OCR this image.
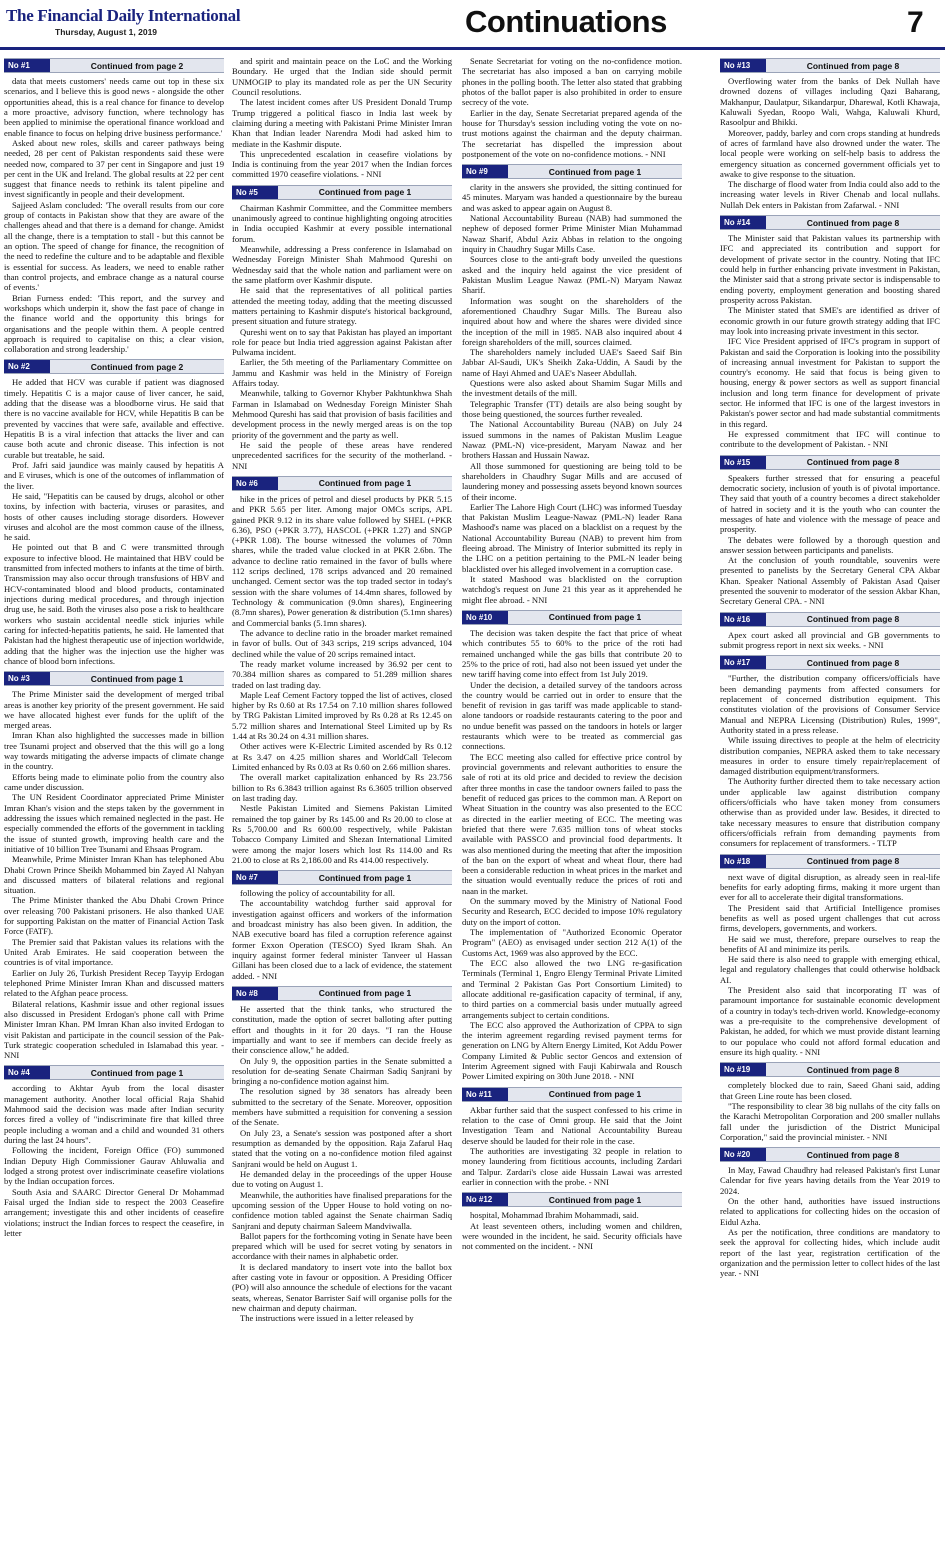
The Financial Daily International
Thursday, August 1, 2019	Continuations	7
No #1	Continued from page 2

data that meets customers' needs came out top in these six scenarios, and I believe this is good news - alongside the other opportunities ahead, this is a real chance for finance to develop a more proactive, advisory function, where technology has been applied to minimise the operational finance workload and enable finance to focus on helping drive business performance.'

Asked about new roles, skills and career pathways being needed, 28 per cent of Pakistan respondents said these were needed now, compared to 37 per cent in Singapore and just 19 per cent in the UK and Ireland. The global results at 22 per cent suggest that finance needs to rethink its talent pipeline and invest significantly in people and their development.

Sajjeed Aslam concluded: 'The overall results from our core group of contacts in Pakistan show that they are aware of the challenges ahead and that there is a demand for change. Amidst all the change, there is a temptation to stall - but this cannot be an option. The speed of change for finance, the recognition of the need to redefine the culture and to be adaptable and flexible is essential for success. As leaders, we need to enable rather than control projects, and embrace change as a natural course of events.'

Brian Furness ended: 'This report, and the survey and workshops which underpin it, show the fast pace of change in the finance world and the opportunity this brings for organisations and the people within them. A people centred approach is required to capitalise on this; a clear vision, collaboration and strong leadership.'

No #2	Continued from page 2

He added that HCV was curable if patient was diagnosed timely. Hepatitis C is a major cause of liver cancer, he said, adding that the disease was a bloodborne virus. He said that there is no vaccine available for HCV, while Hepatitis B can be prevented by vaccines that were safe, available and effective. Hepatitis B is a viral infection that attacks the liver and can cause both acute and chronic disease. This infection is not curable but treatable, he said.

Prof. Jafri said jaundice was mainly caused by hepatitis A and E viruses, which is one of the outcomes of inflammation of the liver.

He said, "Hepatitis can be caused by drugs, alcohol or other toxins, by infection with bacteria, viruses or parasites, and hosts of other causes including storage disorders. However viruses and alcohol are the most common cause of the illness, he said.

He pointed out that B and C were transmitted through exposure to infective blood. He maintained that HBV could be transmitted from infected mothers to infants at the time of birth. Transmission may also occur through transfusions of HBV and HCV-contaminated blood and blood products, contaminated injections during medical procedures, and through injection drug use, he said. Both the viruses also pose a risk to healthcare workers who sustain accidental needle stick injuries while caring for infected-hepatitis patients, he said. He lamented that Pakistan had the highest therapeutic use of injection worldwide, adding that the higher was the injection use the higher was chance of blood born infections.

No #3	Continued from page 1

The Prime Minister said the development of merged tribal areas is another key priority of the present government. He said we have allocated highest ever funds for the uplift of the merged areas.

Imran Khan also highlighted the successes made in billion tree Tsunami project and observed that the this will go a long way towards mitigating the adverse impacts of climate change in the country.

Efforts being made to eliminate polio from the country also came under discussion.

The UN Resident Coordinator appreciated Prime Minister Imran Khan's vision and the steps taken by the government in addressing the issues which remained neglected in the past. He especially commended the efforts of the government in tackling the issue of stunted growth, improving health care and the initiative of 10 billion Tree Tsunami and Ehsaas Program.

Meanwhile, Prime Minister Imran Khan has telephoned Abu Dhabi Crown Prince Sheikh Mohammed bin Zayed Al Nahyan and discussed matters of bilateral relations and regional situation.

The Prime Minister thanked the Abu Dhabi Crown Prince over releasing 700 Pakistani prisoners. He also thanked UAE for supporting Pakistan on the matter of Financial Action Task Force (FATF).

The Premier said that Pakistan values its relations with the United Arab Emirates. He said cooperation between the countries is of vital importance.

Earlier on July 26, Turkish President Recep Tayyip Erdogan telephoned Prime Minister Imran Khan and discussed matters related to the Afghan peace process.

Bilateral relations, Kashmir issue and other regional issues also discussed in President Erdogan's phone call with Prime Minister Imran Khan. PM Imran Khan also invited Erdogan to visit Pakistan and participate in the council session of the Pak-Turk strategic cooperation scheduled in Islamabad this year. - NNI

No #4	Continued from page 1

according to Akhtar Ayub from the local disaster management authority. Another local official Raja Shahid Mahmood said the decision was made after Indian security forces fired a volley of "indiscriminate fire that killed three people including a woman and a child and wounded 31 others during the last 24 hours".

Following the incident, Foreign Office (FO) summoned Indian Deputy High Commissioner Gaurav Ahluwalia and lodged a strong protest over indiscriminate ceasefire violations by the Indian occupation forces.

South Asia and SAARC Director General Dr Mohammad Faisal urged the Indian side to respect the 2003 Ceasefire arrangement; investigate this and other incidents of ceasefire violations; instruct the Indian forces to respect the ceasefire, in letter

and spirit and maintain peace on the LoC and the Working Boundary. He urged that the Indian side should permit UNMOGIP to play its mandated role as per the UN Security Council resolutions.

The latest incident comes after US President Donald Trump Trump triggered a political fiasco in India last week by claiming during a meeting with Pakistani Prime Minister Imran Khan that Indian leader Narendra Modi had asked him to mediate in the Kashmir dispute.

This unprecedented escalation in ceasefire violations by India is continuing from the year 2017 when the Indian forces committed 1970 ceasefire violations. - NNI

No #5	Continued from page 1

Chairman Kashmir Committee, and the Committee members unanimously agreed to continue highlighting ongoing atrocities in India occupied Kashmir at every possible international forum.

Meanwhile, addressing a Press conference in Islamabad on Wednesday Foreign Minister Shah Mahmood Qureshi on Wednesday said that the whole nation and parliament were on the same platform over Kashmir dispute.

He said that the representatives of all political parties attended the meeting today, adding that the meeting discussed matters pertaining to Kashmir dispute's historical background, present situation and future strategy.

Qureshi went on to say that Pakistan has played an important role for peace but India tried aggression against Pakistan after Pulwama incident.

Earlier, the 5th meeting of the Parliamentary Committee on Jammu and Kashmir was held in the Ministry of Foreign Affairs today.

Meanwhile, talking to Governor Khyber Pakhtunkhwa Shah Farman in Islamabad on Wednesday Foreign Minister Shah Mehmood Qureshi has said that provision of basis facilities and development process in the newly merged areas is on the top priority of the government and the party as well.

He said the people of these areas have rendered unprecedented sacrifices for the security of the motherland. - NNI

No #6	Continued from page 1

hike in the prices of petrol and diesel products by PKR 5.15 and PKR 5.65 per liter. Among major OMCs scrips, APL gained PKR 9.12 in its share value followed by SHEL (+PKR 6.36), PSO (+PKR 3.77), HASCOL (+PKR 1.27) and SNGP (+PKR 1.08). The bourse witnessed the volumes of 70mn shares, while the traded value clocked in at PKR 2.6bn. The advance to decline ratio remained in the favor of bulls where 112 scrips declined, 178 scrips advanced and 20 remained unchanged. Cement sector was the top traded sector in today's session with the share volumes of 14.4mn shares, followed by Technology & communication (9.0mn shares), Engineering (8.7mn shares), Power generation & distribution (5.1mn shares) and Commercial banks (5.1mn shares).

The advance to decline ratio in the broader market remained in favor of bulls. Out of 343 scrips, 219 scrips advanced, 104 declined while the value of 20 scrips remained intact.

The ready market volume increased by 36.92 per cent to 70.384 million shares as compared to 51.289 million shares traded on last trading day.

Maple Leaf Cement Factory topped the list of actives, closed higher by Rs 0.60 at Rs 17.54 on 7.10 million shares followed by TRG Pakistan Limited improved by Rs 0.28 at Rs 12.45 on 5.72 million shares and International Steel Limited up by Rs 1.44 at Rs 30.24 on 4.31 million shares.

Other actives were K-Electric Limited ascended by Rs 0.12 at Rs 3.47 on 4.25 million shares and WorldCall Telecom Limited enhanced by Rs 0.03 at Rs 0.60 on 2.66 million shares.

The overall market capitalization enhanced by Rs 23.756 billion to Rs 6.3843 trillion against Rs 6.3605 trillion observed on last trading day.

Nestle Pakistan Limited and Siemens Pakistan Limited remained the top gainer by Rs 145.00 and Rs 20.00 to close at Rs 5,700.00 and Rs 600.00 respectively, while Pakistan Tobacco Company Limited and Shezan International Limited were among the major losers which lost Rs 114.00 and Rs 21.00 to close at Rs 2,186.00 and Rs 414.00 respectively.

No #7	Continued from page 1

following the policy of accountability for all.

The accountability watchdog further said approval for investigation against officers and workers of the information and broadcast ministry has also been given. In addition, the NAB executive board has filed a corruption reference against former Exxon Operation (TESCO) Syed Ikram Shah. An inquiry against former federal minister Tanveer ul Hassan Gillani has been closed due to a lack of evidence, the statement added. - NNI

No #8	Continued from page 1

He asserted that the think tanks, who structured the constitution, made the option of secret balloting after putting effort and thoughts in it for 20 days. "I ran the House impartially and want to see if members can decide freely as their conscience allow," he added.

On July 9, the opposition parties in the Senate submitted a resolution for de-seating Senate Chairman Sadiq Sanjrani by bringing a no-confidence motion against him.

The resolution signed by 38 senators has already been submitted to the secretary of the Senate. Moreover, opposition members have submitted a requisition for convening a session of the Senate.

On July 23, a Senate's session was postponed after a short resumption as demanded by the opposition. Raja Zafarul Haq stated that the voting on a no-confidence motion filed against Sanjrani would be held on August 1.

He demanded delay in the proceedings of the upper House due to voting on August 1.

Meanwhile, the authorities have finalised preparations for the upcoming session of the Upper House to hold voting on no-confidence motion tabled against the Senate chairman Sadiq Sanjrani and deputy chairman Saleem Mandviwalla.

Ballot papers for the forthcoming voting in Senate have been prepared which will be used for secret voting by senators in accordance with their names in alphabetic order.

It is declared mandatory to insert vote into the ballot box after casting vote in favour or opposition. A Presiding Officer (PO) will also announce the schedule of elections for the vacant seats, whereas, Senator Barrister Saif will organise polls for the new chairman and deputy chairman.

The instructions were issued in a letter released by

Senate Secretariat for voting on the no-confidence motion. The secretariat has also imposed a ban on carrying mobile phones in the polling booth. The letter also stated that grabbing photos of the ballot paper is also prohibited in order to ensure secrecy of the vote.

Earlier in the day, Senate Secretariat prepared agenda of the house for Thursday's session including voting the vote on no-trust motions against the chairman and the deputy chairman. The secretariat has dispelled the impression about postponement of the vote on no-confidence motions. - NNI

No #9	Continued from page 1

clarity in the answers she provided, the sitting continued for 45 minutes. Maryam was handed a questionnaire by the bureau and was asked to appear again on August 8.

National Accountability Bureau (NAB) had summoned the nephew of deposed former Prime Minister Mian Muhammad Nawaz Sharif, Abdul Aziz Abbas in relation to the ongoing inquiry in Chaudhry Sugar Mills Case.

Sources close to the anti-graft body unveiled the questions asked and the inquiry held against the vice president of Pakistan Muslim League Nawaz (PML-N) Maryam Nawaz Sharif.

Information was sought on the shareholders of the aforementioned Chaudhry Sugar Mills. The Bureau also inquired about how and where the shares were divided since the inception of the mill in 1985. NAB also inquired about 4 foreign shareholders of the mill, sources claimed.

The shareholders namely included UAE's Saeed Saif Bin Jabbar Al-Saudi, UK's Sheikh Zaka-Uddin, A Saudi by the name of Hayi Ahmed and UAE's Naseer Abdullah.

Questions were also asked about Shamim Sugar Mills and the investment details of the mill.

Telegraphic Transfer (TT) details are also being sought by those being questioned, the sources further revealed.

The National Accountability Bureau (NAB) on July 24 issued summons in the names of Pakistan Muslim League Nawaz (PML-N) vice-president, Maryam Nawaz and her brothers Hassan and Hussain Nawaz.

All those summoned for questioning are being told to be shareholders in Chaudhry Sugar Mills and are accused of laundering money and possessing assets beyond known sources of their income.

Earlier The Lahore High Court (LHC) was informed Tuesday that Pakistan Muslim League-Nawaz (PML-N) leader Rana Mashood's name was placed on a blacklist on a request by the National Accountability Bureau (NAB) to prevent him from fleeing abroad. The Ministry of Interior submitted its reply in the LHC on a petition pertaining to the PML-N leader being blacklisted over his alleged involvement in a corruption case.

It stated Mashood was blacklisted on the corruption watchdog's request on June 21 this year as it apprehended he might flee abroad. - NNI

No #10	Continued from page 1

The decision was taken despite the fact that price of wheat which contributes 55 to 60% to the price of the roti had remained unchanged while the gas bills that contribute 20 to 25% to the price of roti, had also not been issued yet under the new tariff having come into effect from 1st July 2019.

Under the decision, a detailed survey of the tandoors across the country would be carried out in order to ensure that the benefit of revision in gas tariff was made applicable to stand-alone tandoors or roadside restaurants catering to the poor and no undue benefit was passed on the tandoors in hotels or larger restaurants which were to be treated as commercial gas connections.

The ECC meeting also called for effective price control by provincial governments and relevant authorities to ensure the sale of roti at its old price and decided to review the decision after three months in case the tandoor owners failed to pass the benefit of reduced gas prices to the common man. A Report on Wheat Situation in the country was also presented to the ECC as directed in the earlier meeting of ECC. The meeting was briefed that there were 7.635 million tons of wheat stocks available with PASSCO and provincial food departments. It was also mentioned during the meeting that after the imposition of the ban on the export of wheat and wheat flour, there had been a considerable reduction in wheat prices in the market and the situation would eventually reduce the prices of roti and naan in the market.

On the summary moved by the Ministry of National Food Security and Research, ECC decided to impose 10% regulatory duty on the import of cotton.

The implementation of "Authorized Economic Operator Program" (AEO) as envisaged under section 212 A(1) of the Customs Act, 1969 was also approved by the ECC.

The ECC also allowed the two LNG re-gasification Terminals (Terminal 1, Engro Elengy Terminal Private Limited and Terminal 2 Pakistan Gas Port Consortium Limited) to allocate additional re-gasification capacity of terminal, if any, to third parties on a commercial basis under mutually agreed arrangements subject to certain conditions.

The ECC also approved the Authorization of CPPA to sign the interim agreement regarding revised payment terms for generation on LNG by Altern Energy Limited, Kot Addu Power Company Limited & Public sector Gencos and extension of Interim Agreement signed with Fauji Kabirwala and Rousch Power Limited expiring on 30th June 2018. - NNI

No #11	Continued from page 1

Akbar further said that the suspect confessed to his crime in relation to the case of Omni group. He said that the Joint Investigation Team and National Accountability Bureau deserve should be lauded for their role in the case.

The authorities are investigating 32 people in relation to money laundering from fictitious accounts, including Zardari and Talpur. Zardari's close aide Hussain Lawai was arrested earlier in connection with the probe. - NNI

No #12	Continued from page 1

hospital, Mohammad Ibrahim Mohammadi, said.

At least seventeen others, including women and children, were wounded in the incident, he said. Security officials have not commented on the incident. - NNI

No #13	Continued from page 8

Overflowing water from the banks of Dek Nullah have drowned dozens of villages including Qazi Baharang, Makhanpur, Daulatpur, Sikandarpur, Dharewal, Kotli Khawaja, Kaluwali Syedan, Roopo Wali, Wahga, Kaluwali Khurd, Rasoolpur and Bhikki.

Moreover, paddy, barley and corn crops standing at hundreds of acres of farmland have also drowned under the water. The local people were working on self-help basis to address the emergency situation as concerned government officials yet to awake to give response to the situation.

The discharge of flood water from India could also add to the increasing water levels in River Chenab and local nullahs. Nullah Dek enters in Pakistan from Zafarwal. - NNI

No #14	Continued from page 8

The Minister said that Pakistan values its partnership with IFC and appreciated its contribution and support for development of private sector in the country. Noting that IFC could help in further enhancing private investment in Pakistan, the Minister said that a strong private sector is indispensable to ending poverty, employment generation and boosting shared prosperity across Pakistan.

The Minister stated that SME's are identified as driver of economic growth in our future growth strategy adding that IFC may look into increasing private investment in this sector.

IFC Vice President apprised of IFC's program in support of Pakistan and said the Corporation is looking into the possibility of increasing annual investment for Pakistan to support the country's economy. He said that focus is being given to housing, energy & power sectors as well as support financial inclusion and long term finance for development of private sector. He informed that IFC is one of the largest investors in Pakistan's power sector and had made substantial commitments in this regard.

He expressed commitment that IFC will continue to contribute to the development of Pakistan. - NNI

No #15	Continued from page 8

Speakers further stressed that for ensuring a peaceful democratic society, inclusion of youth is of pivotal importance. They said that youth of a country becomes a direct stakeholder of hatred in society and it is the youth who can counter the messages of hate and violence with the message of peace and prosperity.

The debates were followed by a thorough question and answer session between participants and panelists.

At the conclusion of youth roundtable, souvenirs were presented to panelists by the Secretary General CPA Akbar Khan. Speaker National Assembly of Pakistan Asad Qaiser presented the souvenir to moderator of the session Akbar Khan, Secretary General CPA. - NNI

No #16	Continued from page 8

Apex court asked all provincial and GB governments to submit progress report in next six weeks. - NNI

No #17	Continued from page 8

"Further, the distribution company officers/officials have been demanding payments from affected consumers for replacement of concerned distribution equipment. This constitutes violation of the provisions of Consumer Service Manual and NEPRA Licensing (Distribution) Rules, 1999", Authority stated in a press release.

While issuing directives to people at the helm of electricity distribution companies, NEPRA asked them to take necessary measures in order to ensure timely repair/replacement of damaged distribution equipment/transformers.

The Authority further directed them to take necessary action under applicable law against distribution company officers/officials who have taken money from consumers otherwise than as provided under law. Besides, it directed to take necessary measures to ensure that distribution company officers/officials refrain from demanding payments from consumers for replacement of transformers. - TLTP

No #18	Continued from page 8

next wave of digital disruption, as already seen in real-life benefits for early adopting firms, making it more urgent than ever for all to accelerate their digital transformations.

The President said that Artificial Intelligence promises benefits as well as posed urgent challenges that cut across firms, developers, governments, and workers.

He said we must, therefore, prepare ourselves to reap the benefits of AI and minimize its perils.

He said there is also need to grapple with emerging ethical, legal and regulatory challenges that could otherwise holdback AI.

The President also said that incorporating IT was of paramount importance for sustainable economic development of a country in today's tech-driven world. Knowledge-economy was a pre-requisite to the comprehensive development of Pakistan, he added, for which we must provide distant learning to our populace who could not afford formal education and ensure its high quality. - NNI

No #19	Continued from page 8

completely blocked due to rain, Saeed Ghani said, adding that Green Line route has been closed.

"The responsibility to clear 38 big nullahs of the city falls on the Karachi Metropolitan Corporation and 200 smaller nullahs fall under the jurisdiction of the District Municipal Corporation," said the provincial minister. - NNI

No #20	Continued from page 8

In May, Fawad Chaudhry had released Pakistan's first Lunar Calendar for five years having details from the Year 2019 to 2024.

On the other hand, authorities have issued instructions related to applications for collecting hides on the occasion of Eidul Azha.

As per the notification, three conditions are mandatory to seek the approval for collecting hides, which include audit report of the last year, registration certification of the organization and the permission letter to collect hides of the last year. - NNI
